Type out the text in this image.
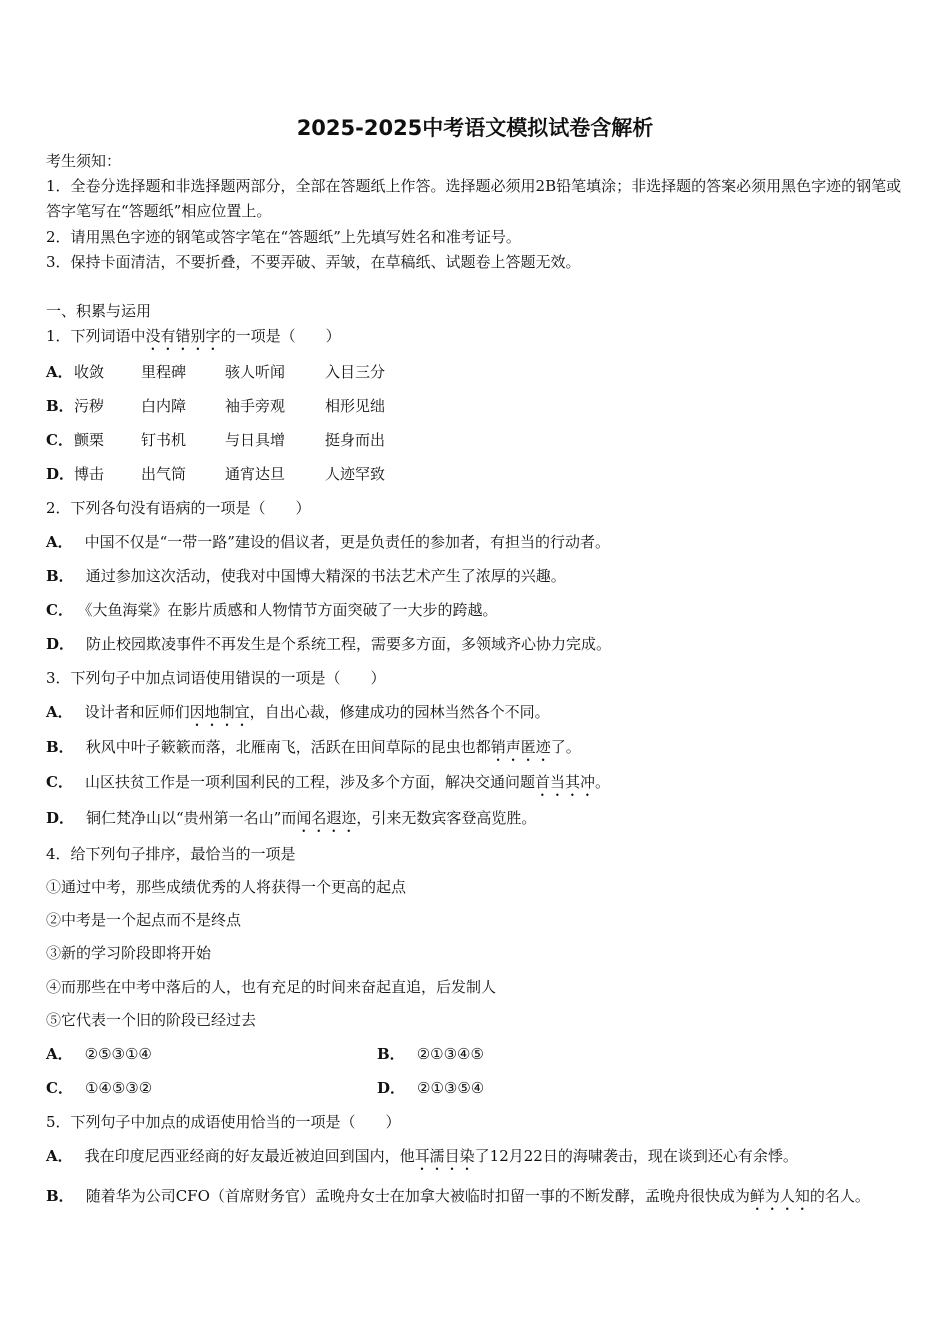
2025-2025中考语文模拟试卷含解析
考生须知：
1．全卷分选择题和非选择题两部分，全部在答题纸上作答。选择题必须用2B铅笔填涂；非选择题的答案必须用黑色字迹的钢笔或答字笔写在“答题纸”相应位置上。
2．请用黑色字迹的钢笔或答字笔在“答题纸”上先填写姓名和准考证号。
3．保持卡面清洁，不要折叠，不要弄破、弄皱，在草稿纸、试题卷上答题无效。
一、积累与运用
1．下列词语中没有错别字的一项是（　　）
A． 收敛 里程碑	骇人听闻	入目三分
B． 污秽 白内障	袖手旁观	相形见绌
C． 颤栗 钉书机	与日具增	挺身而出
D． 博击 出气筒	通宵达旦	人迹罕致
2．下列各句没有语病的一项是（　　）
A． 中国不仅是“一带一路”建设的倡议者，更是负责任的参加者，有担当的行动者。
B． 通过参加这次活动，使我对中国博大精深的书法艺术产生了浓厚的兴趣。
C． 《大鱼海棠》在影片质感和人物情节方面突破了一大步的跨越。
D． 防止校园欺凌事件不再发生是个系统工程，需要多方面，多领域齐心协力完成。
3．下列句子中加点词语使用错误的一项是（　　）
A． 设计者和匠师们因地制宜，自出心裁，修建成功的园林当然各个不同。
B． 秋风中叶子簌簌而落，北雁南飞，活跃在田间草际的昆虫也都销声匿迹了。
C． 山区扶贫工作是一项利国利民的工程，涉及多个方面，解决交通问题首当其冲。
D． 铜仁梵净山以“贵州第一名山”而闻名遐迩，引来无数宾客登高览胜。
4．给下列句子排序，最恰当的一项是
①通过中考，那些成绩优秀的人将获得一个更高的起点
②中考是一个起点而不是终点
③新的学习阶段即将开始
④而那些在中考中落后的人，也有充足的时间来奋起直追，后发制人
⑤它代表一个旧的阶段已经过去
A． ②⑤③①④	B． ②①③④⑤
C． ①④⑤③②	D． ②①③⑤④
5．下列句子中加点的成语使用恰当的一项是（　　）
A． 我在印度尼西亚经商的好友最近被迫回到国内，他耳濡目染了12月22日的海啸袭击，现在谈到还心有余悸。
B． 随着华为公司CFO（首席财务官）孟晚舟女士在加拿大被临时扣留一事的不断发酵，孟晚舟很快成为鲜为人知的名人。
